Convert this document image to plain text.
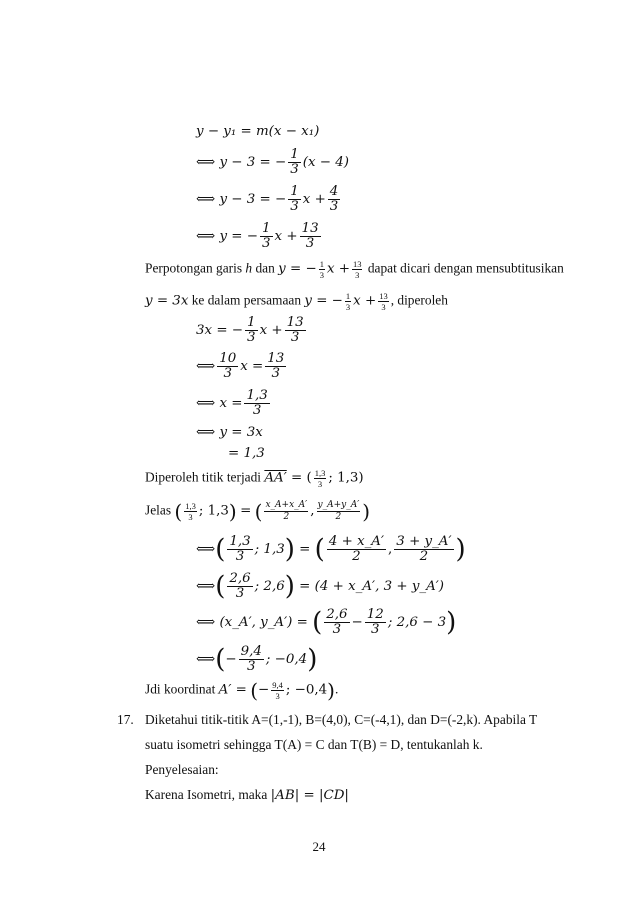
y − y₁ = m(x − x₁)
⟺ y − 3 = − $\frac{1}{3} (x - 4)$
⟺ y − 3 = − $\frac{1}{3}$ $x + \frac{4}{3}$
⟺ y = − $\frac{1}{3}$ $x + \frac{13}{3}$
Perpotongan garis h dan y = − $\frac{1}{3}$ $x + \frac{13}{3}$ dapat dicari dengan mensubtitusikan
y = 3x ke dalam persamaan y = − $\frac{1}{3}$ $x + \frac{13}{3}$ , diperoleh
3x = − $\frac{1}{3}$ $x + \frac{13}{3}$
⟺ $\frac{10}{3}$ $x = \frac{13}{3}$
⟺ $x = \frac{1,3}{3}$
⟺ y = 3x
= 1,3
Diperoleh titik terjadi AA′ = ( $\frac{1,3}{3}$ ; 1,3)
Jelas ( $\frac{1,3}{3}$ ; 1,3) = ( $\frac{x\_A+x\_A'}{2}$ , $\frac{y\_A+y\_A'}{2}$ )
⟺( $\frac{1,3}{3}$ ; 1,3) = ( $\frac{4 + x\_A'}{2}$ , $\frac{3 + y\_A'}{2}$ )
⟺( $\frac{2,6}{3}$ ; 2,6) = (4 + x_A′, 3 + y_A′)
⟺ (x_A′, y_A′) = ( $\frac{2,6}{3} - \frac{12}{3}$ ; 2,6 − 3)
⟺(− $\frac{9,4}{3}$ ; −0,4)
Jdi koordinat A′ = (− $\frac{9,4}{3}$ ; −0,4).
17. Diketahui titik-titik A=(1,-1), B=(4,0), C=(-4,1), dan D=(-2,k). Apabila T
suatu isometri sehingga T(A) = C dan T(B) = D, tentukanlah k.
Penyelesaian:
Karena Isometri, maka |AB| = |CD|
24
